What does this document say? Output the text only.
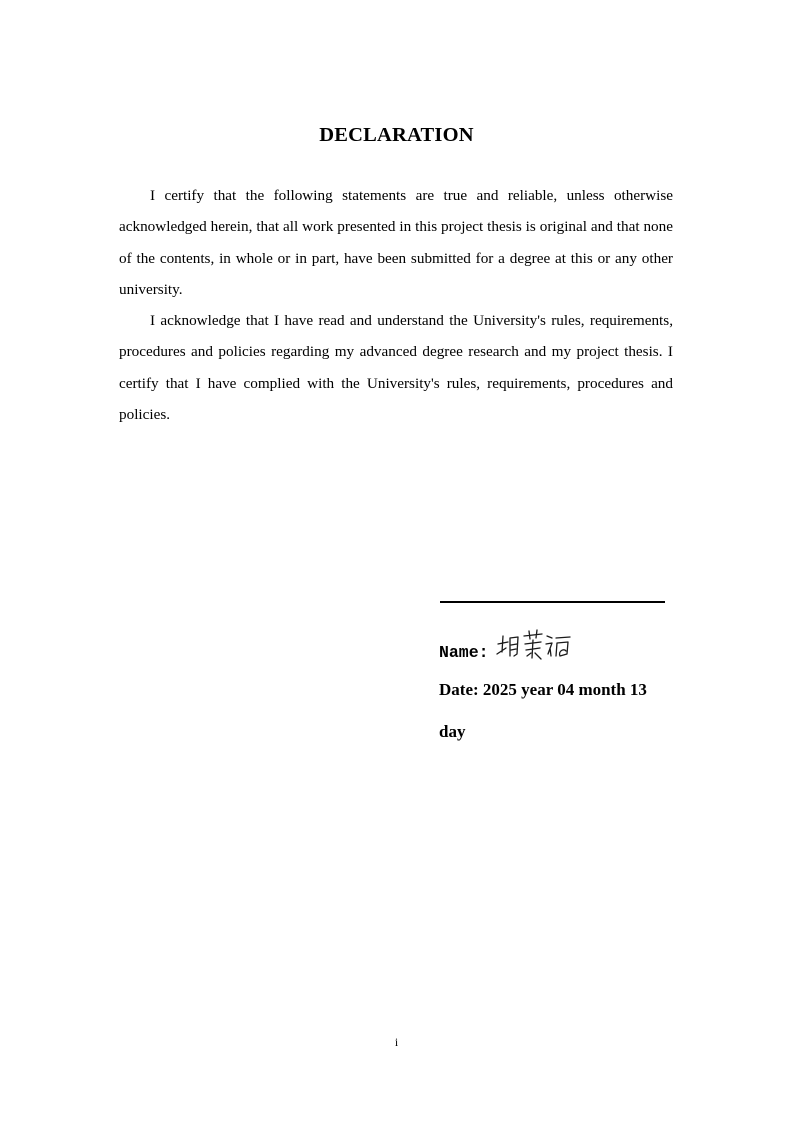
DECLARATION

I certify that the following statements are true and reliable, unless otherwise acknowledged herein, that all work presented in this project thesis is original and that none of the contents, in whole or in part, have been submitted for a degree at this or any other university.

I acknowledge that I have read and understand the University's rules, requirements, procedures and policies regarding my advanced degree research and my project thesis. I certify that I have complied with the University's rules, requirements, procedures and policies.

Name:
Date: 2025 year 04 month 13
day
i
